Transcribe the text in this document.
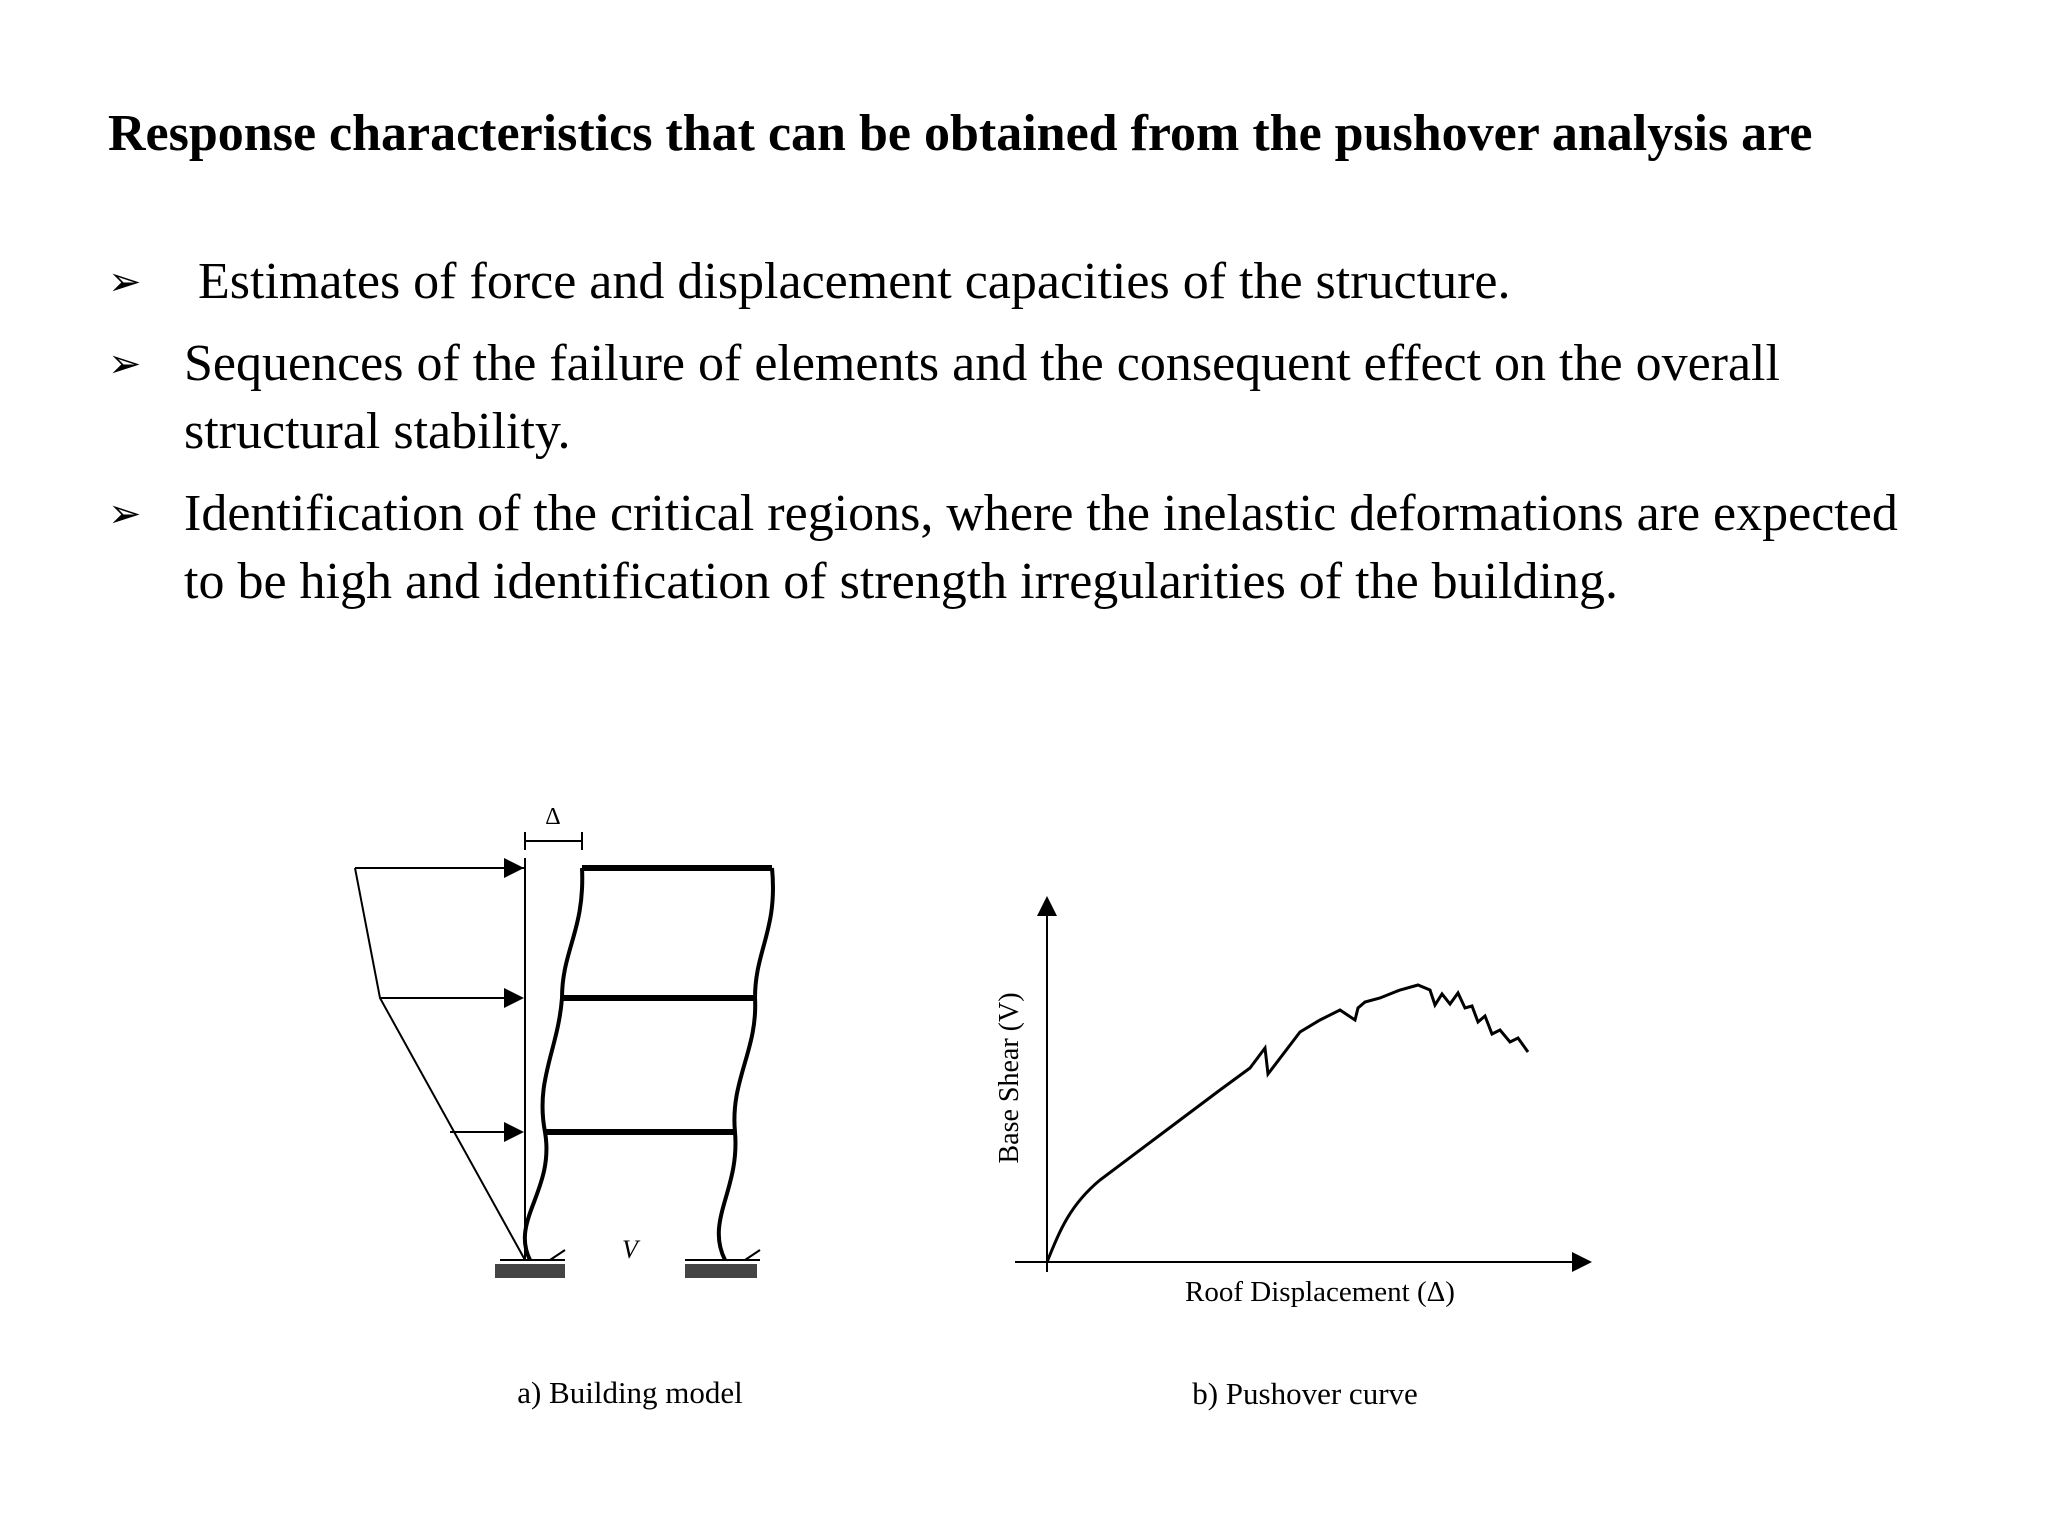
Response characteristics that can be obtained from the pushover analysis are
➢ Estimates of force and displacement capacities of the structure.
➢ Sequences of the failure of elements and the consequent effect on the overall structural stability.
➢ Identification of the critical regions, where the inelastic deformations are expected to be high and identification of strength irregularities of the building.
Δ
V
a) Building model
Base Shear (V)
Roof Displacement (Δ)
b) Pushover curve
